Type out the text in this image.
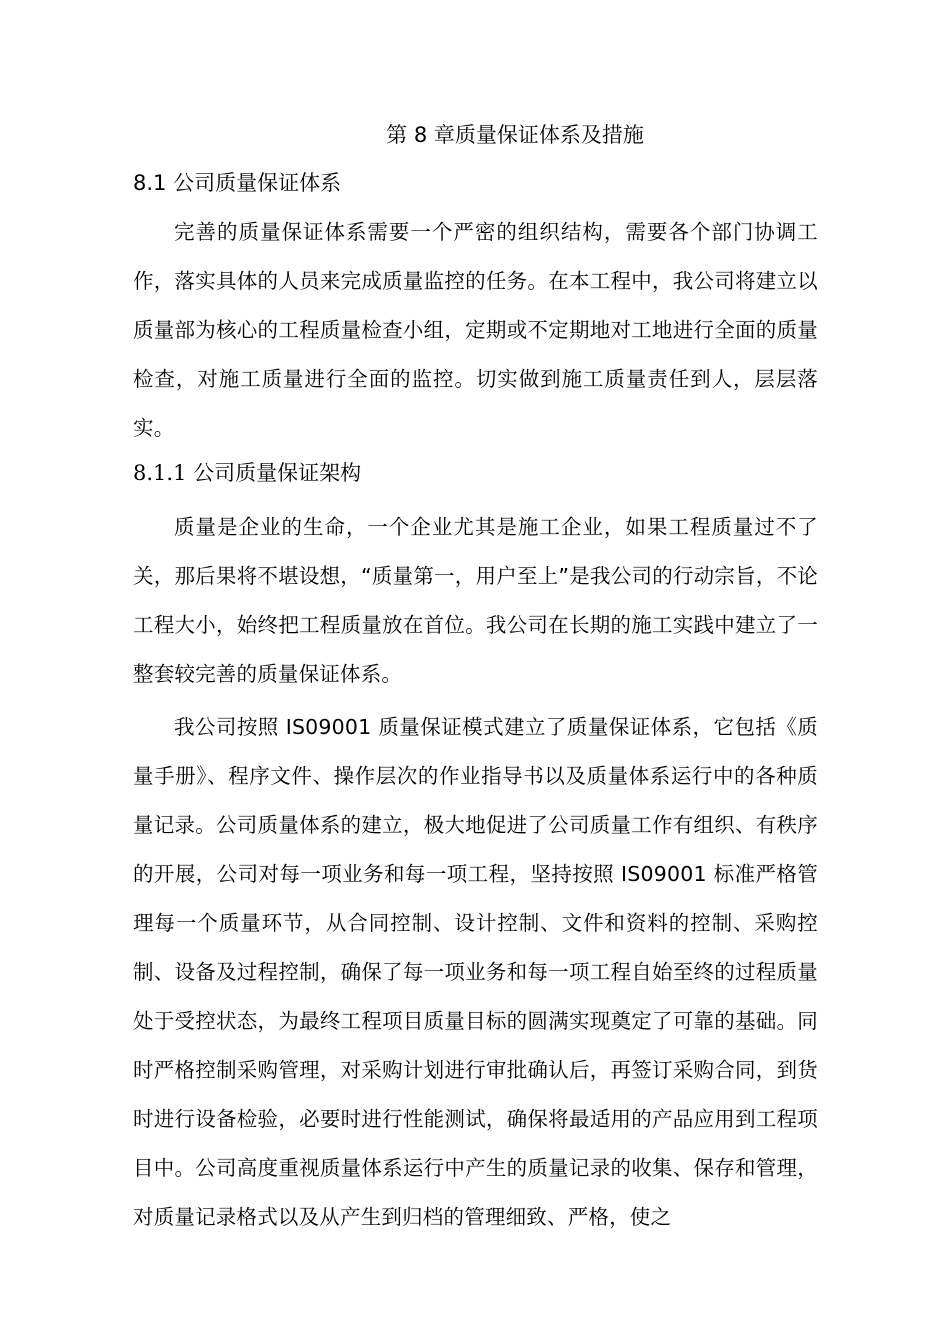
第 8 章质量保证体系及措施
8.1 公司质量保证体系

完善的质量保证体系需要一个严密的组织结构，需要各个部门协调工作，落实具体的人员来完成质量监控的任务。在本工程中，我公司将建立以质量部为核心的工程质量检查小组，定期或不定期地对工地进行全面的质量检查，对施工质量进行全面的监控。切实做到施工质量责任到人，层层落实。

8.1.1 公司质量保证架构

质量是企业的生命，一个企业尤其是施工企业，如果工程质量过不了关，那后果将不堪设想，“质量第一，用户至上”是我公司的行动宗旨，不论工程大小，始终把工程质量放在首位。我公司在长期的施工实践中建立了一整套较完善的质量保证体系。

我公司按照 IS09001 质量保证模式建立了质量保证体系，它包括《质量手册》、程序文件、操作层次的作业指导书以及质量体系运行中的各种质量记录。公司质量体系的建立，极大地促进了公司质量工作有组织、有秩序的开展，公司对每一项业务和每一项工程，坚持按照 IS09001 标准严格管理每一个质量环节，从合同控制、设计控制、文件和资料的控制、采购控制、设备及过程控制，确保了每一项业务和每一项工程自始至终的过程质量处于受控状态，为最终工程项目质量目标的圆满实现奠定了可靠的基础。同时严格控制采购管理，对采购计划进行审批确认后，再签订采购合同，到货时进行设备检验，必要时进行性能测试，确保将最适用的产品应用到工程项目中。公司高度重视质量体系运行中产生的质量记录的收集、保存和管理，对质量记录格式以及从产生到归档的管理细致、严格，使之
